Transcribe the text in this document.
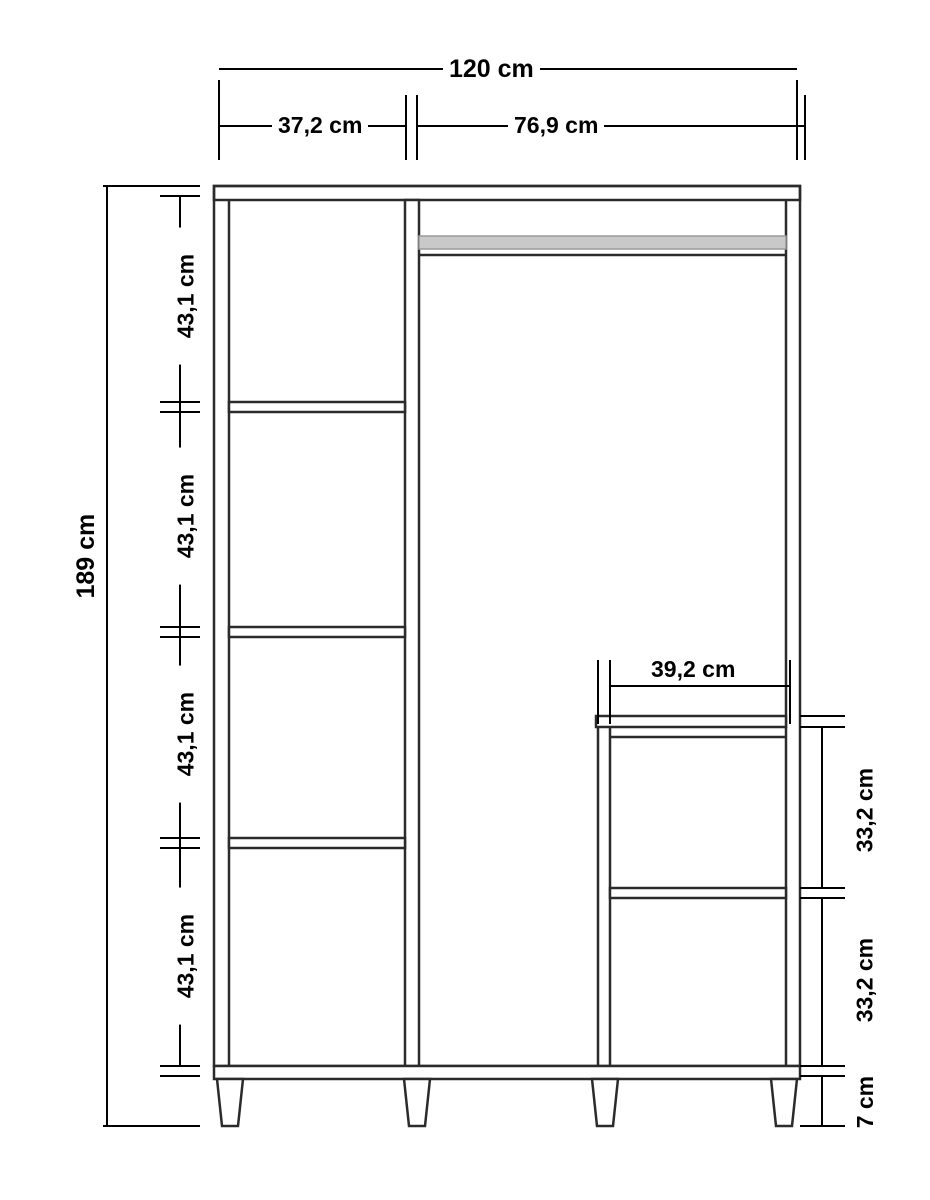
120 cm
37,2 cm	76,9 cm
189 cm
43,1 cm
43,1 cm
43,1 cm
43,1 cm
39,2 cm
33,2 cm
33,2 cm
7 cm
